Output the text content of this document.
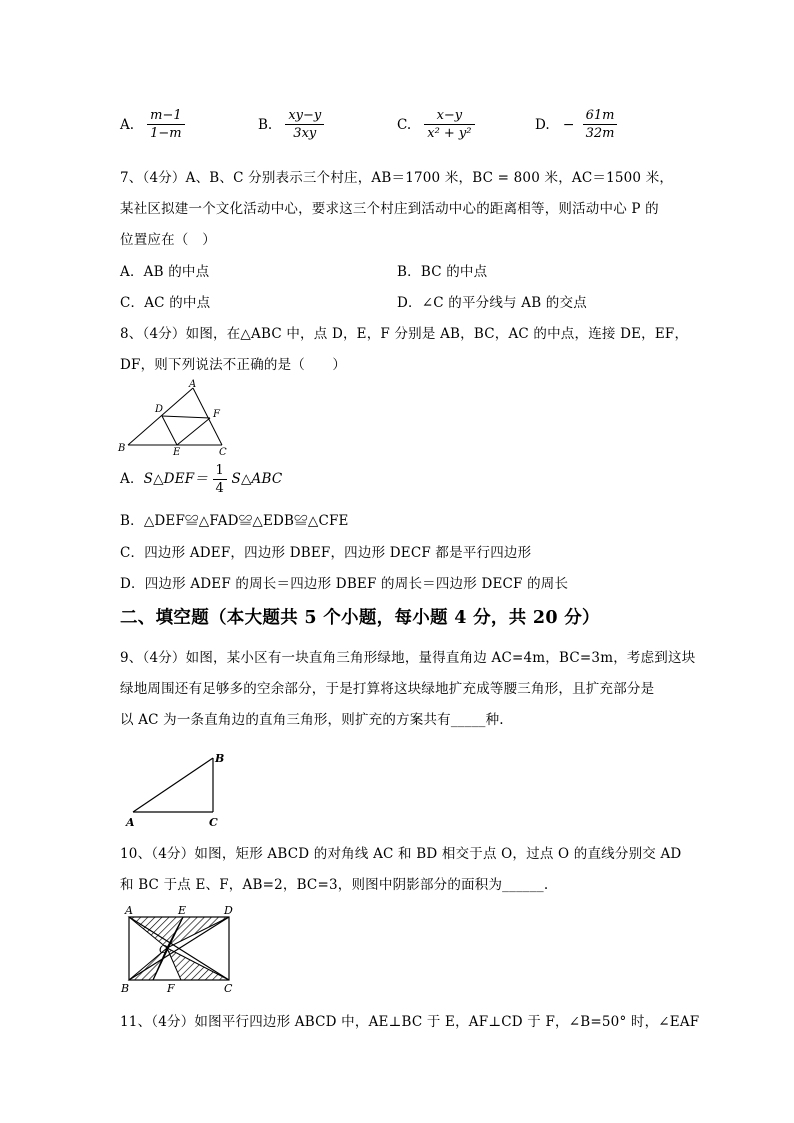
A. $\frac{m-1}{1-m}$	B. $\frac{xy-y}{3xy}$	C. $\frac{x-y}{\text{x² + y²}}$	D. − $\frac{61m}{32m}$
7、（4分）A、B、C 分别表示三个村庄，AB＝1700 米，BC = 800 米，AC＝1500 米，
某社区拟建一个文化活动中心，要求这三个村庄到活动中心的距离相等，则活动中心 P 的
位置应在（　）
A．AB 的中点	B．BC 的中点
C．AC 的中点	D．∠C 的平分线与 AB 的交点
8、（4分）如图，在△ABC 中，点 D，E，F 分别是 AB，BC，AC 的中点，连接 DE，EF，
DF，则下列说法不正确的是（　　）
A
B	C
D
E
F
A．S△DEF＝ $\frac{1}{4}$ S△ABC
B．△DEF≌△FAD≌△EDB≌△CFE
C．四边形 ADEF，四边形 DBEF，四边形 DECF 都是平行四边形
D．四边形 ADEF 的周长＝四边形 DBEF 的周长＝四边形 DECF 的周长
二、填空题（本大题共 5 个小题，每小题 4 分，共 20 分）
9、（4分）如图，某小区有一块直角三角形绿地，量得直角边 AC=4m，BC=3m，考虑到这块
绿地周围还有足够多的空余部分，于是打算将这块绿地扩充成等腰三角形，且扩充部分是
以 AC 为一条直角边的直角三角形，则扩充的方案共有_____种.
A
B
C
10、（4分）如图，矩形 ABCD 的对角线 AC 和 BD 相交于点 O，过点 O 的直线分别交 AD
和 BC 于点 E、F，AB=2，BC=3，则图中阴影部分的面积为______.
A	E	D
O
B	F	C
11、（4分）如图平行四边形 ABCD 中，AE⊥BC 于 E，AF⊥CD 于 F，∠B=50° 时，∠EAF
